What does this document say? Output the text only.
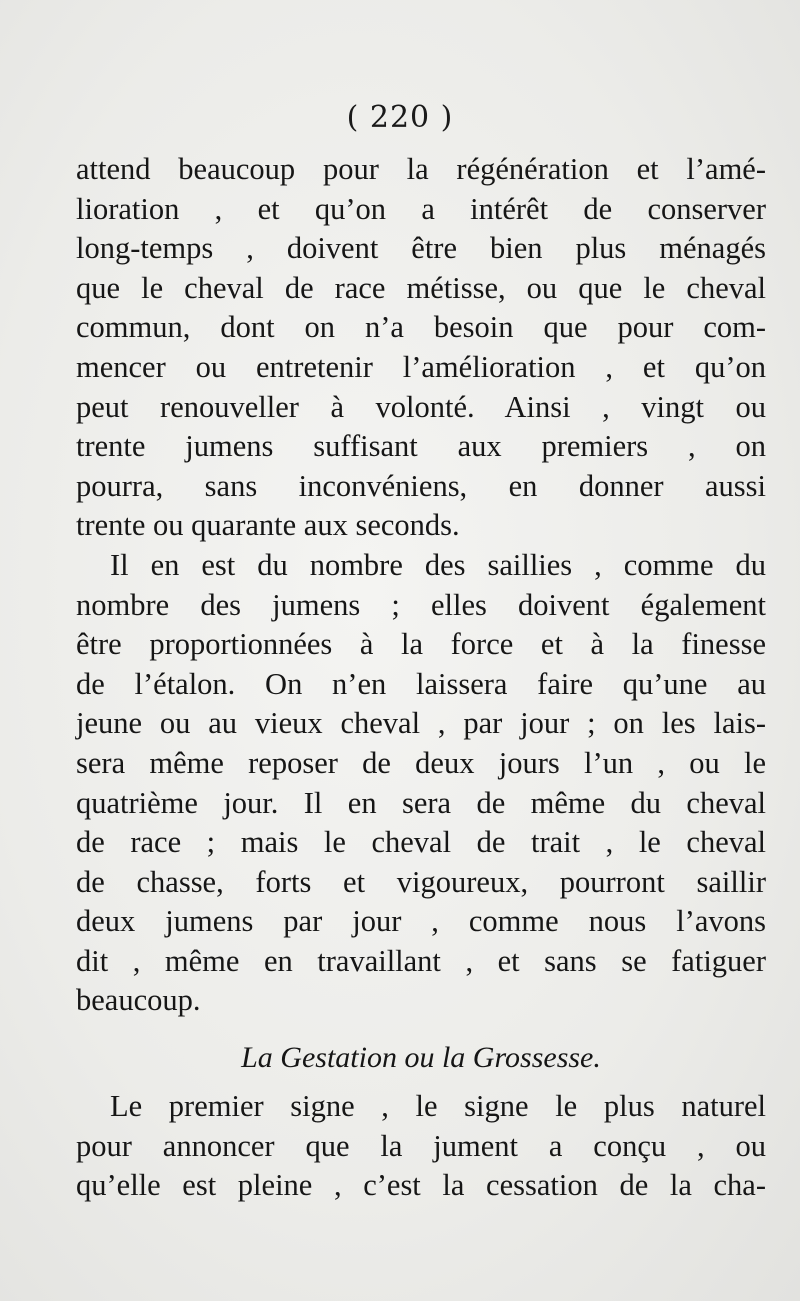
( 220 )
attend beaucoup pour la régénération et l’amé-
lioration , et qu’on a intérêt de conserver
long-temps , doivent être bien plus ménagés
que le cheval de race métisse, ou que le cheval
commun, dont on n’a besoin que pour com-
mencer ou entretenir l’amélioration , et qu’on
peut renouveller à volonté. Ainsi , vingt ou
trente jumens suffisant aux premiers , on
pourra, sans inconvéniens, en donner aussi
trente ou quarante aux seconds.
Il en est du nombre des saillies , comme du
nombre des jumens ; elles doivent également
être proportionnées à la force et à la finesse
de l’étalon. On n’en laissera faire qu’une au
jeune ou au vieux cheval , par jour ; on les lais-
sera même reposer de deux jours l’un , ou le
quatrième jour. Il en sera de même du cheval
de race ; mais le cheval de trait , le cheval
de chasse, forts et vigoureux, pourront saillir
deux jumens par jour , comme nous l’avons
dit , même en travaillant , et sans se fatiguer
beaucoup.
La Gestation ou la Grossesse.
Le premier signe , le signe le plus naturel
pour annoncer que la jument a conçu , ou
qu’elle est pleine , c’est la cessation de la cha-
